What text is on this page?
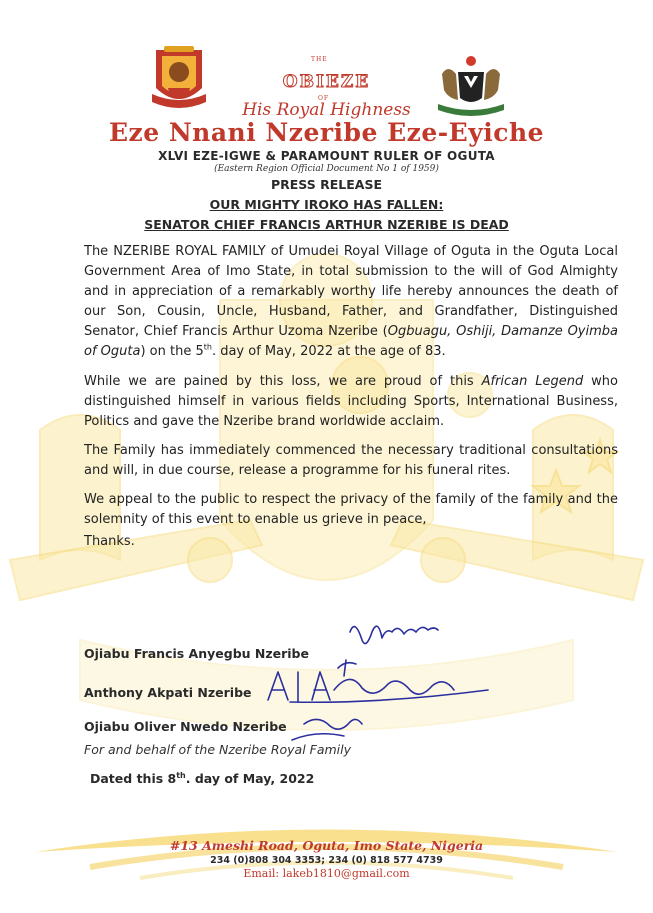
THE
OBIEZE
OF
His Royal Highness
Eze Nnani Nzeribe Eze-Eyiche
XLVI EZE-IGWE & PARAMOUNT RULER OF OGUTA
(Eastern Region Official Document No 1 of 1959)
PRESS RELEASE
OUR MIGHTY IROKO HAS FALLEN:
SENATOR CHIEF FRANCIS ARTHUR NZERIBE IS DEAD

The NZERIBE ROYAL FAMILY of Umudei Royal Village of Oguta in the Oguta Local Government Area of Imo State, in total submission to the will of God Almighty and in appreciation of a remarkably worthy life hereby announces the death of our Son, Cousin, Uncle, Husband, Father, and Grandfather, Distinguished Senator, Chief Francis Arthur Uzoma Nzeribe (Ogbuagu, Oshiji, Damanze Oyimba of Oguta) on the 5th. day of May, 2022 at the age of 83.

While we are pained by this loss, we are proud of this African Legend who distinguished himself in various fields including Sports, International Business, Politics and gave the Nzeribe brand worldwide acclaim.

The Family has immediately commenced the necessary traditional consultations and will, in due course, release a programme for his funeral rites.

We appeal to the public to respect the privacy of the family of the family and the solemnity of this event to enable us grieve in peace,

Thanks.

Ojiabu Francis Anyegbu Nzeribe
Anthony Akpati Nzeribe
Ojiabu Oliver Nwedo Nzeribe
For and behalf of the Nzeribe Royal Family
Dated this 8th. day of May, 2022
#13 Ameshi Road, Oguta, Imo State, Nigeria
234 (0)808 304 3353; 234 (0) 818 577 4739
Email: lakeb1810@gmail.com
